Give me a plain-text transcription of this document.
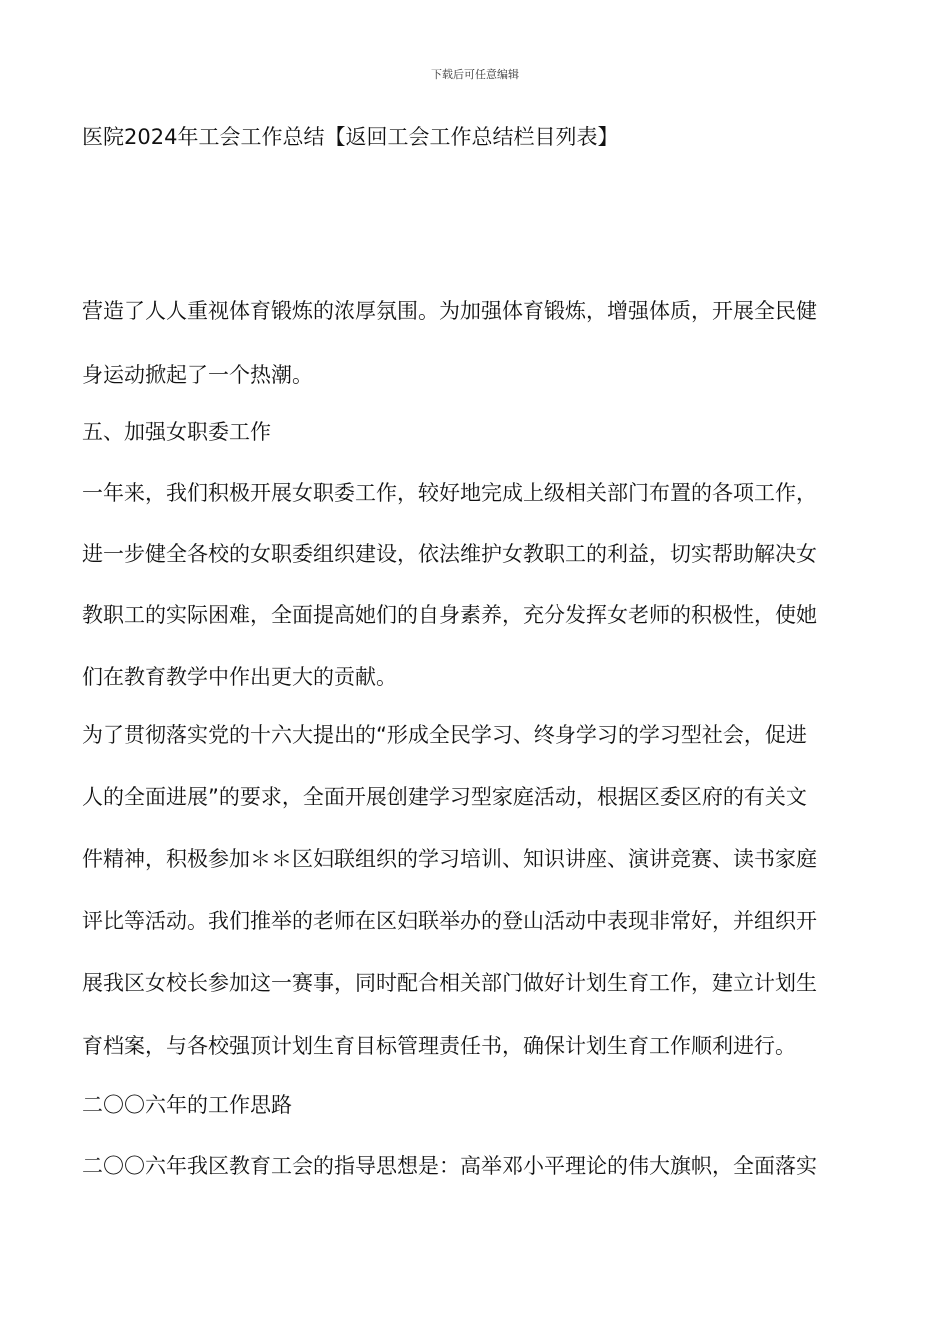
下载后可任意编辑
医院2024年工会工作总结【返回工会工作总结栏目列表】
营造了人人重视体育锻炼的浓厚氛围。为加强体育锻炼，增强体质，开展全民健
身运动掀起了一个热潮。
五、加强女职委工作
一年来，我们积极开展女职委工作，较好地完成上级相关部门布置的各项工作，
进一步健全各校的女职委组织建设，依法维护女教职工的利益，切实帮助解决女
教职工的实际困难，全面提高她们的自身素养，充分发挥女老师的积极性，使她
们在教育教学中作出更大的贡献。
为了贯彻落实党的十六大提出的“形成全民学习、终身学习的学习型社会，促进
人的全面进展”的要求，全面开展创建学习型家庭活动，根据区委区府的有关文
件精神，积极参加＊＊区妇联组织的学习培训、知识讲座、演讲竞赛、读书家庭
评比等活动。我们推举的老师在区妇联举办的登山活动中表现非常好，并组织开
展我区女校长参加这一赛事，同时配合相关部门做好计划生育工作，建立计划生
育档案，与各校强顶计划生育目标管理责任书，确保计划生育工作顺利进行。
二〇〇六年的工作思路
二〇〇六年我区教育工会的指导思想是：高举邓小平理论的伟大旗帜，全面落实
